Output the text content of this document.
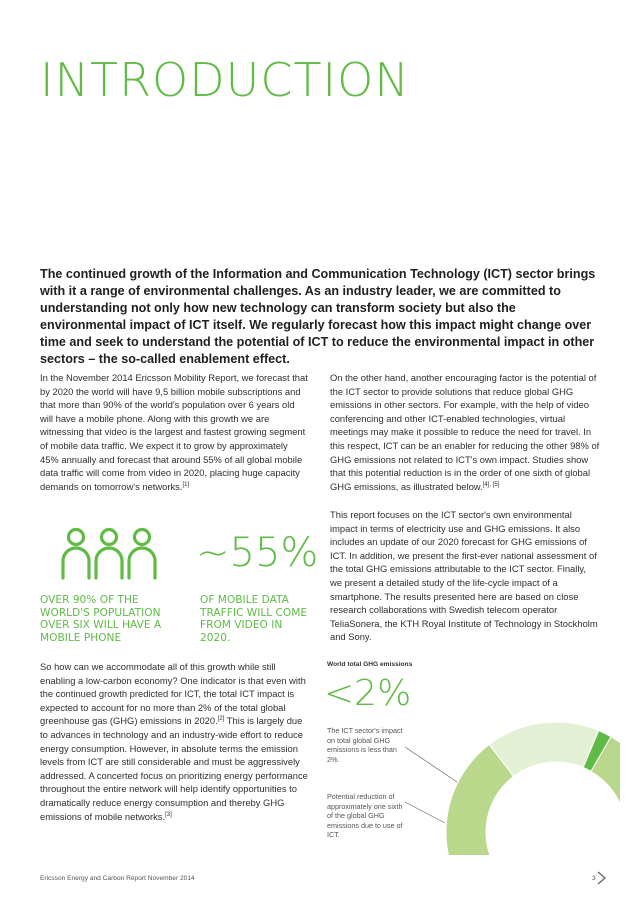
INTRODUCTION

The continued growth of the Information and Communication Technology (ICT) sector brings with it a range of environmental challenges. As an industry leader, we are committed to understanding not only how new technology can transform society but also the environmental impact of ICT itself. We regularly forecast how this impact might change over time and seek to understand the potential of ICT to reduce the environmental impact in other sectors – the so-called enablement effect.

In the November 2014 Ericsson Mobility Report, we forecast that by 2020 the world will have 9,5 billion mobile subscriptions and that more than 90% of the world's population over 6 years old will have a mobile phone. Along with this growth we are witnessing that video is the largest and fastest growing segment of mobile data traffic. We expect it to grow by approximately 45% annually and forecast that around 55% of all global mobile data traffic will come from video in 2020, placing huge capacity demands on tomorrow's networks.[1]

~55%

OVER 90% OF THE WORLD'S POPULATION OVER SIX WILL HAVE A MOBILE PHONE

OF MOBILE DATA TRAFFIC WILL COME FROM VIDEO IN 2020.

So how can we accommodate all of this growth while still enabling a low-carbon economy? One indicator is that even with the continued growth predicted for ICT, the total ICT impact is expected to account for no more than 2% of the total global greenhouse gas (GHG) emissions in 2020.[2] This is largely due to advances in technology and an industry-wide effort to reduce energy consumption. However, in absolute terms the emission levels from ICT are still considerable and must be aggressively addressed. A concerted focus on prioritizing energy performance throughout the entire network will help identify opportunities to dramatically reduce energy consumption and thereby GHG emissions of mobile networks.[3]

On the other hand, another encouraging factor is the potential of the ICT sector to provide solutions that reduce global GHG emissions in other sectors. For example, with the help of video conferencing and other ICT-enabled technologies, virtual meetings may make it possible to reduce the need for travel. In this respect, ICT can be an enabler for reducing the other 98% of GHG emissions not related to ICT's own impact. Studies show that this potential reduction is in the order of one sixth of global GHG emissions, as illustrated below.[4], [5]

This report focuses on the ICT sector's own environmental impact in terms of electricity use and GHG emissions. It also includes an update of our 2020 forecast for GHG emissions of ICT. In addition, we present the first-ever national assessment of the total GHG emissions attributable to the ICT sector. Finally, we present a detailed study of the life-cycle impact of a smartphone. The results presented here are based on close research collaborations with Swedish telecom operator TeliaSonera, the KTH Royal Institute of Technology in Stockholm and Sony.

World total GHG emissions

<2%

The ICT sector's impact on total global GHG emissions is less than 2%.

Potential reduction of approximately one sixth of the global GHG emissions due to use of ICT.

Ericsson Energy and Carbon Report November 2014	3
